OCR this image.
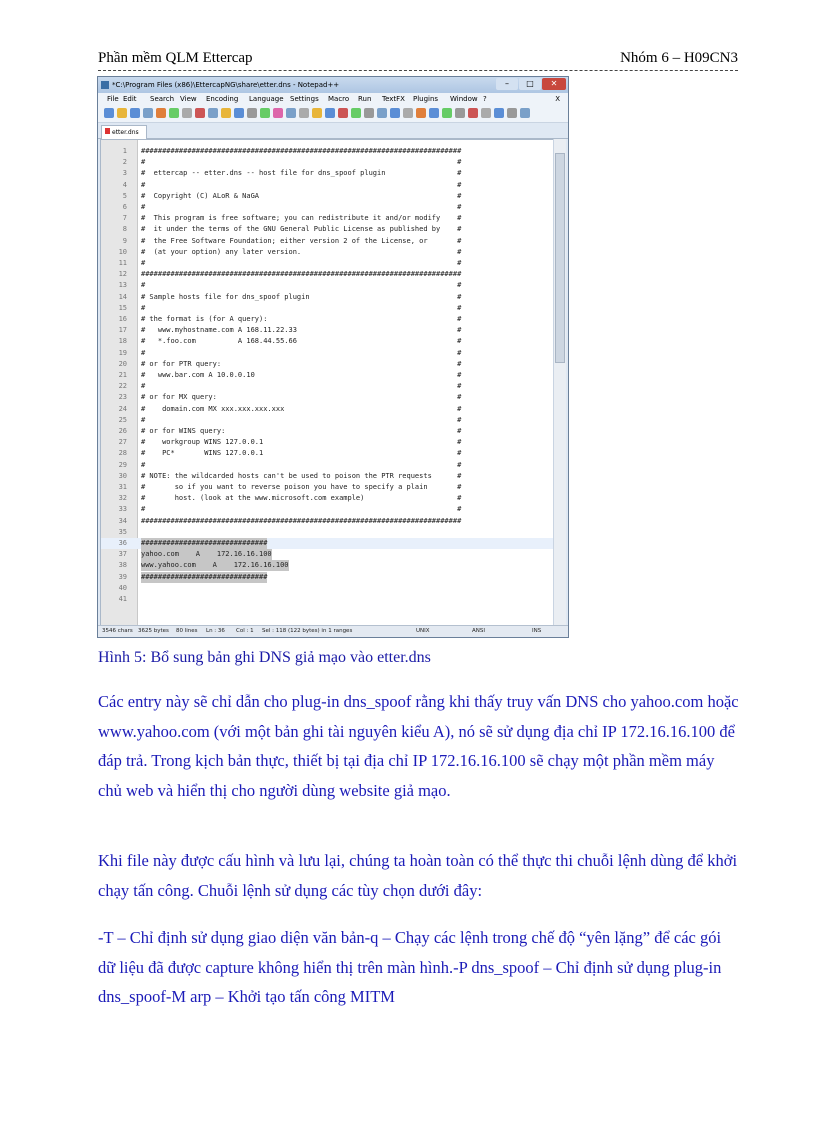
Phần mềm QLM Ettercap	Nhóm 6 – H09CN3
*C:\Program Files (x86)\EttercapNG\share\etter.dns - Notepad++	–	□	✕
X
File Edit Search View Encoding Language Settings Macro Run TextFX Plugins Window ?
etter.dns
1 ############################################################################
2 #                                                                          #
3 #  ettercap -- etter.dns -- host file for dns_spoof plugin                 #
4 #                                                                          #
5 #  Copyright (C) ALoR & NaGA                                               #
6 #                                                                          #
7 #  This program is free software; you can redistribute it and/or modify    #
8 #  it under the terms of the GNU General Public License as published by    #
9 #  the Free Software Foundation; either version 2 of the License, or       #
10 #  (at your option) any later version.                                     #
11 #                                                                          #
12 ############################################################################
13 #                                                                          #
14 # Sample hosts file for dns_spoof plugin                                   #
15 #                                                                          #
16 # the format is (for A query):                                             #
17 #   www.myhostname.com A 168.11.22.33                                      #
18 #   *.foo.com          A 168.44.55.66                                      #
19 #                                                                          #
20 # or for PTR query:                                                        #
21 #   www.bar.com A 10.0.0.10                                                #
22 #                                                                          #
23 # or for MX query:                                                         #
24 #    domain.com MX xxx.xxx.xxx.xxx                                         #
25 #                                                                          #
26 # or for WINS query:                                                       #
27 #    workgroup WINS 127.0.0.1                                              #
28 #    PC*       WINS 127.0.0.1                                              #
29 #                                                                          #
30 # NOTE: the wildcarded hosts can't be used to poison the PTR requests      #
31 #       so if you want to reverse poison you have to specify a plain       #
32 #       host. (look at the www.microsoft.com example)                      #
33 #                                                                          #
34 ############################################################################
35
36 ##############################
37 yahoo.com    A    172.16.16.100
38 www.yahoo.com    A    172.16.16.100
39 ##############################
40
41
3546 chars 3625 bytes 80 lines Ln : 36 Col : 1 Sel : 118 (122 bytes) in 1 ranges	UNIX	ANSI	INS
Hình 5: Bổ sung bản ghi DNS giả mạo vào etter.dns
Các entry này sẽ chỉ dẫn cho plug-in dns_spoof rằng khi thấy truy vấn DNS cho yahoo.com hoặc www.yahoo.com (với một bản ghi tài nguyên kiểu A), nó sẽ sử dụng địa chỉ IP 172.16.16.100 để đáp trả. Trong kịch bản thực, thiết bị tại địa chỉ IP 172.16.16.100 sẽ chạy một phần mềm máy chủ web và hiển thị cho người dùng website giả mạo.
Khi file này được cấu hình và lưu lại, chúng ta hoàn toàn có thể thực thi chuỗi lệnh dùng để khởi chạy tấn công. Chuỗi lệnh sử dụng các tùy chọn dưới đây:
-T – Chỉ định sử dụng giao diện văn bản-q – Chạy các lệnh trong chế độ “yên lặng” để các gói dữ liệu đã được capture không hiển thị trên màn hình.-P dns_spoof – Chỉ định sử dụng plug-in dns_spoof-M arp – Khởi tạo tấn công MITM
